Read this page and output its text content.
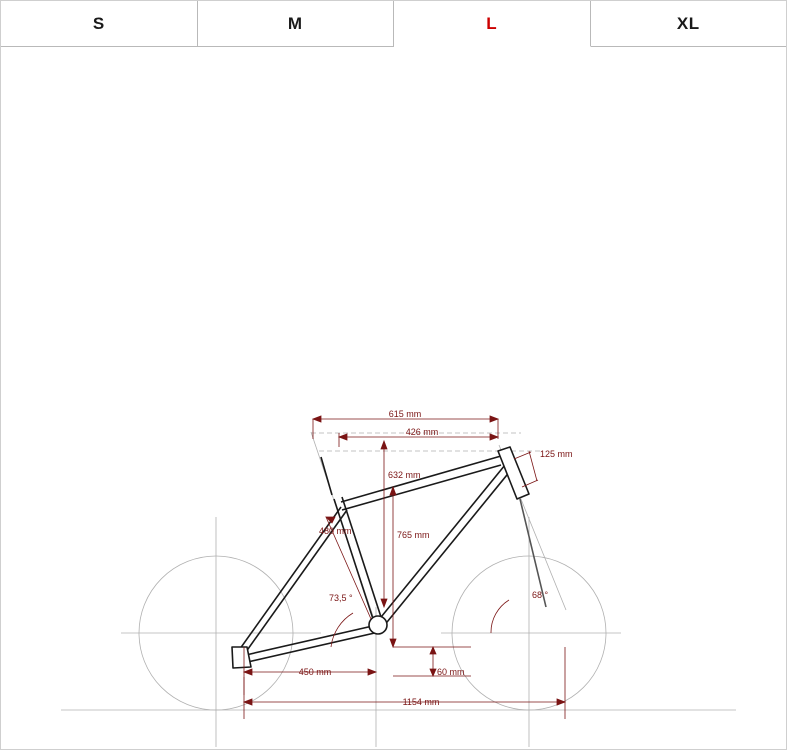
S	M	L	XL
615 mm
426 mm
125 mm
632 mm
480 mm	765 mm
60 mm
450 mm
1154 mm
73,5 °	68 °
